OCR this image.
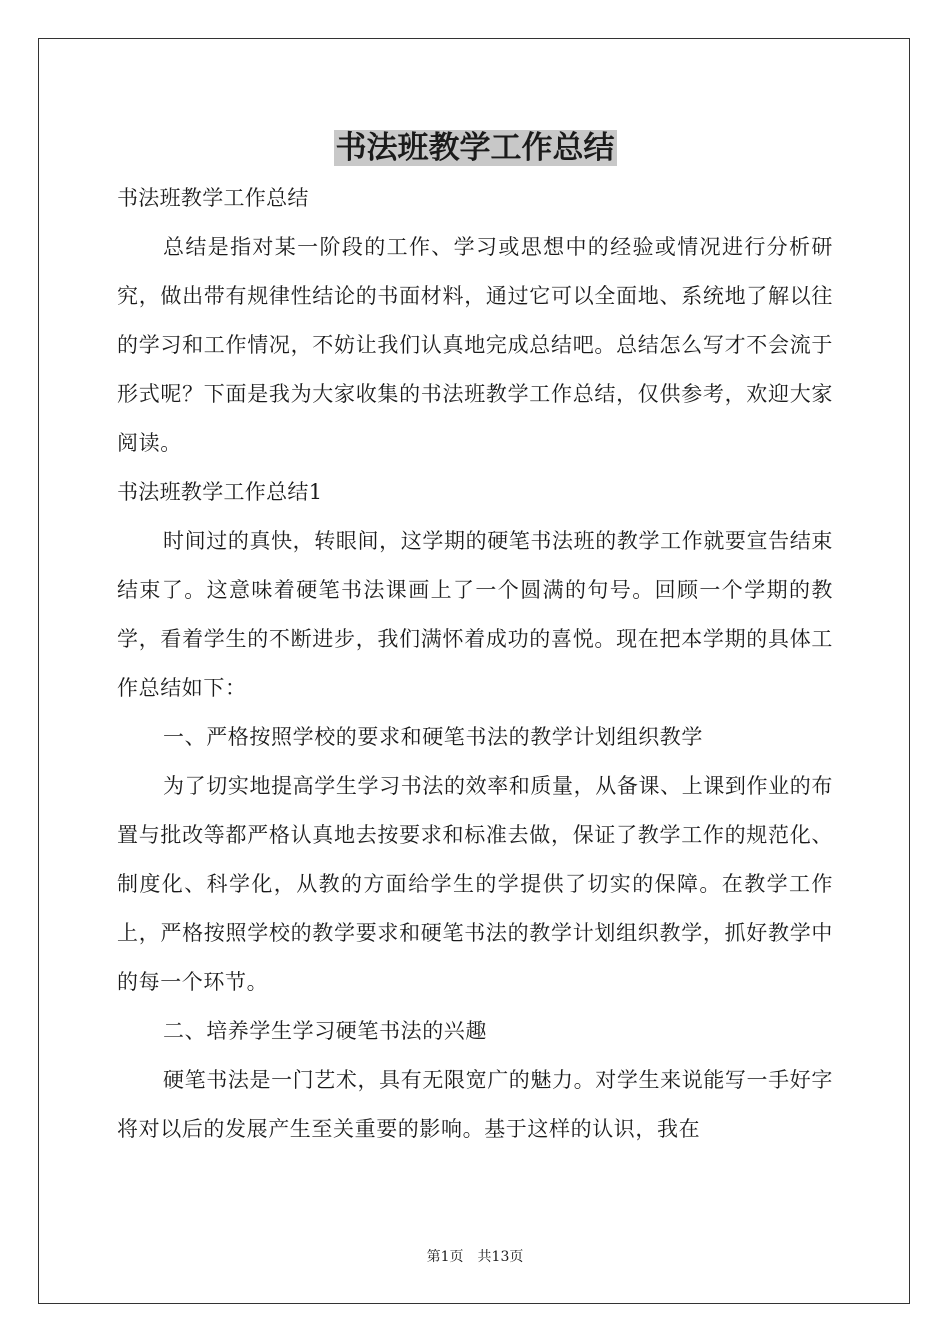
书法班教学工作总结

书法班教学工作总结

总结是指对某一阶段的工作、学习或思想中的经验或情况进行分析研究，做出带有规律性结论的书面材料，通过它可以全面地、系统地了解以往的学习和工作情况，不妨让我们认真地完成总结吧。总结怎么写才不会流于形式呢？下面是我为大家收集的书法班教学工作总结，仅供参考，欢迎大家阅读。

书法班教学工作总结1

时间过的真快，转眼间，这学期的硬笔书法班的教学工作就要宣告结束结束了。这意味着硬笔书法课画上了一个圆满的句号。回顾一个学期的教学，看着学生的不断进步，我们满怀着成功的喜悦。现在把本学期的具体工作总结如下：

一、严格按照学校的要求和硬笔书法的教学计划组织教学

为了切实地提高学生学习书法的效率和质量，从备课、上课到作业的布置与批改等都严格认真地去按要求和标准去做，保证了教学工作的规范化、制度化、科学化，从教的方面给学生的学提供了切实的保障。在教学工作上，严格按照学校的教学要求和硬笔书法的教学计划组织教学，抓好教学中的每一个环节。

二、培养学生学习硬笔书法的兴趣

硬笔书法是一门艺术，具有无限宽广的魅力。对学生来说能写一手好字将对以后的发展产生至关重要的影响。基于这样的认识，我在

第1页 共13页
